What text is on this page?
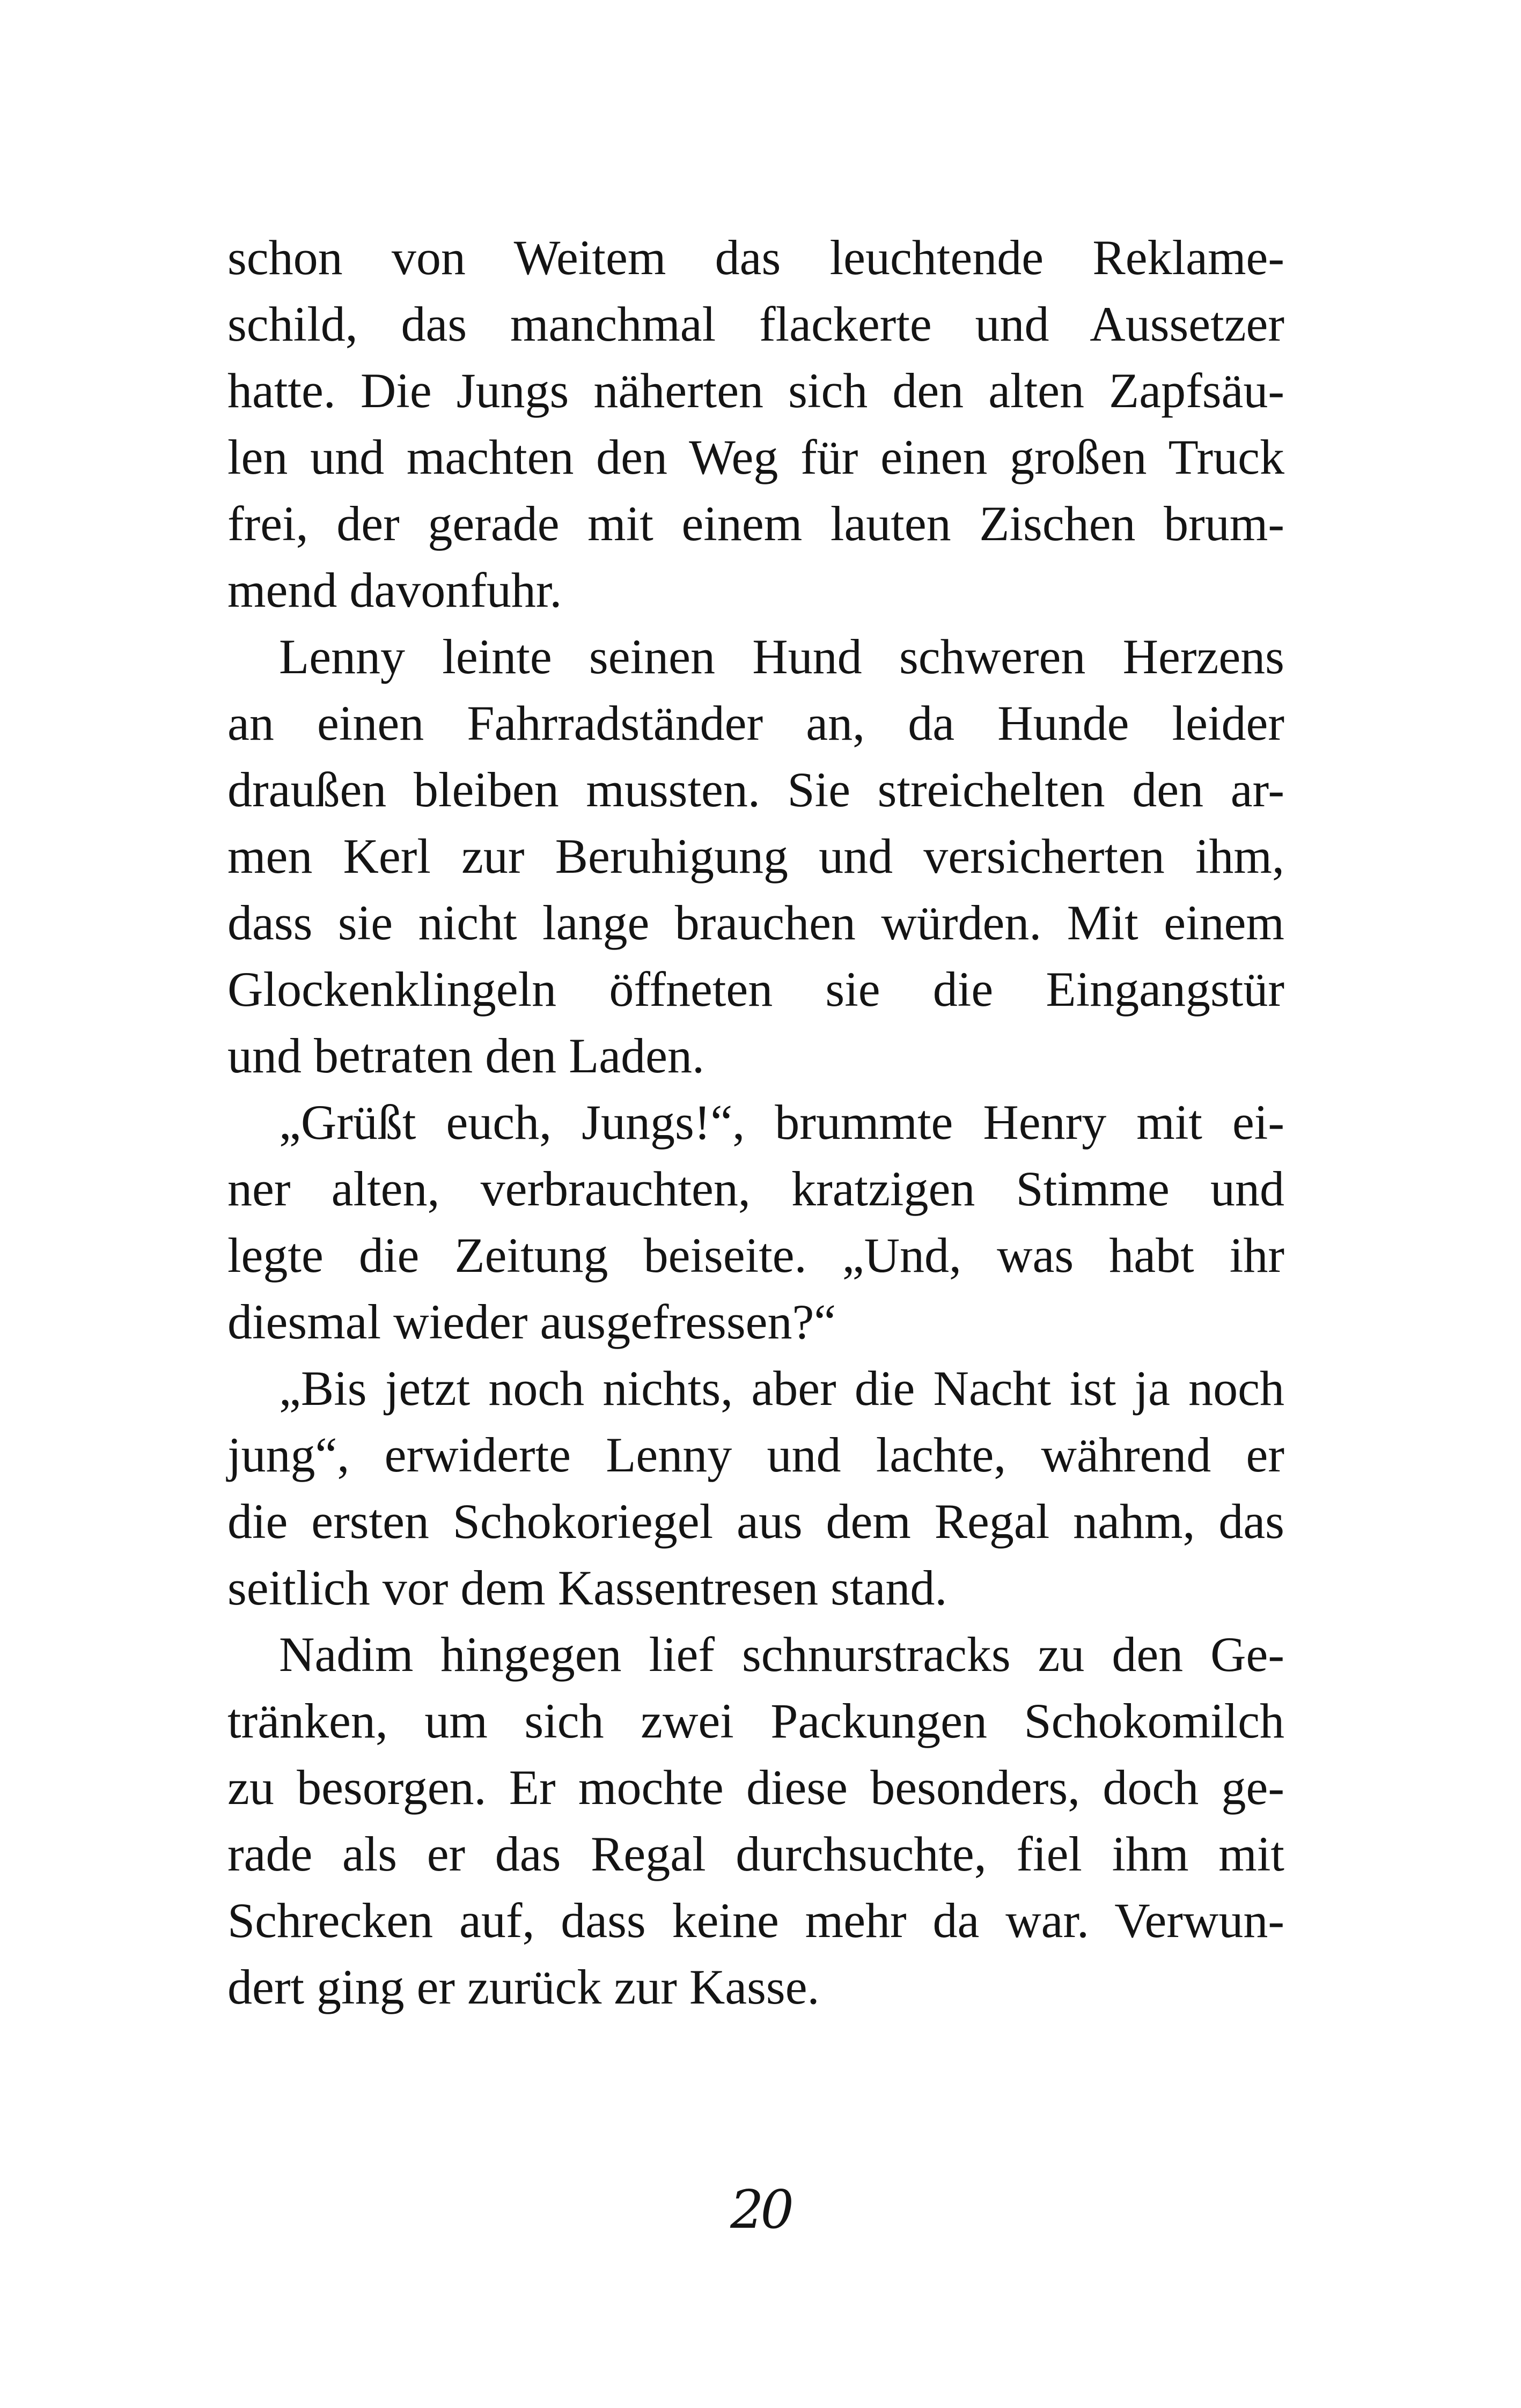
schon von Weitem das leuchtende Reklame-
schild, das manchmal flackerte und Aussetzer
hatte. Die Jungs näherten sich den alten Zapfsäu-
len und machten den Weg für einen großen Truck
frei, der gerade mit einem lauten Zischen brum-
mend davonfuhr.
Lenny leinte seinen Hund schweren Herzens
an einen Fahrradständer an, da Hunde leider
draußen bleiben mussten. Sie streichelten den ar-
men Kerl zur Beruhigung und versicherten ihm,
dass sie nicht lange brauchen würden. Mit einem
Glockenklingeln öffneten sie die Eingangstür
und betraten den Laden.
„Grüßt euch, Jungs!“, brummte Henry mit ei-
ner alten, verbrauchten, kratzigen Stimme und
legte die Zeitung beiseite. „Und, was habt ihr
diesmal wieder ausgefressen?“
„Bis jetzt noch nichts, aber die Nacht ist ja noch
jung“, erwiderte Lenny und lachte, während er
die ersten Schokoriegel aus dem Regal nahm, das
seitlich vor dem Kassentresen stand.
Nadim hingegen lief schnurstracks zu den Ge-
tränken, um sich zwei Packungen Schokomilch
zu besorgen. Er mochte diese besonders, doch ge-
rade als er das Regal durchsuchte, fiel ihm mit
Schrecken auf, dass keine mehr da war. Verwun-
dert ging er zurück zur Kasse.
20
